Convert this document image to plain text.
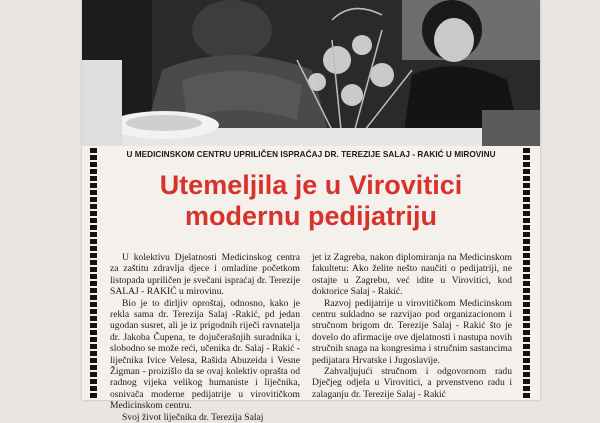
U MEDICINSKOM CENTRU UPRILIČEN ISPRAĆAJ DR. TEREZIJE SALAJ - RAKIĆ U MIROVINU
Utemeljila je u Virovitici
modernu pedijatriju

U kolektivu Djelatnosti Medicinskog centra za zaštitu zdravlja djece i omladine početkom listopada upriličen je svečani ispraćaj dr. Terezije SALAJ - RAKIĆ u mirovinu.

Bio je to dirljiv oproštaj, odnosno, kako je rekla sama dr. Terezija Salaj -Rakić, pd jedan ugodan susret, ali je iz prigodnih riječi ravnatelja dr. Jakoba Čupena, te dojučerašnjih suradnika i, slobodno se može reći, učenika dr. Salaj - Rakić - liječnika Ivice Velesa, Rašida Abuzeida i Vesne Žigman - proizišlo da se ovaj kolektiv oprašta od radnog vijeka velikog humaniste i liječnika, osnivača moderne pedijatrije u virovitičkom Medicinskom centru.

Svoj život liječnika dr. Terezija Salaj

jet iz Zagreba, nakon diplomiranja na Medicinskom fakultetu: Ako želite nešto naučiti o pedijatriji, ne ostajte u Zagrebu, već idite u Virovitici, kod doktorice Salaj - Rakić.

Razvoj pedijatrije u virovitičkom Medicinskom centru sukladno se razvijao pod organizacionom i stručnom brigom dr. Terezije Salaj - Rakić što je dovelo do afirmacije ove djelatnosti i nastupa novih stručnih snaga na kongresima i stručnim sastancima pedijatara Hrvatske i Jugoslavije.

Zahvaljujući stručnom i odgovornom radu Dječjeg odjela u Virovitici, a prvenstveno radu i zalaganju dr. Terezije Salaj - Rakić
